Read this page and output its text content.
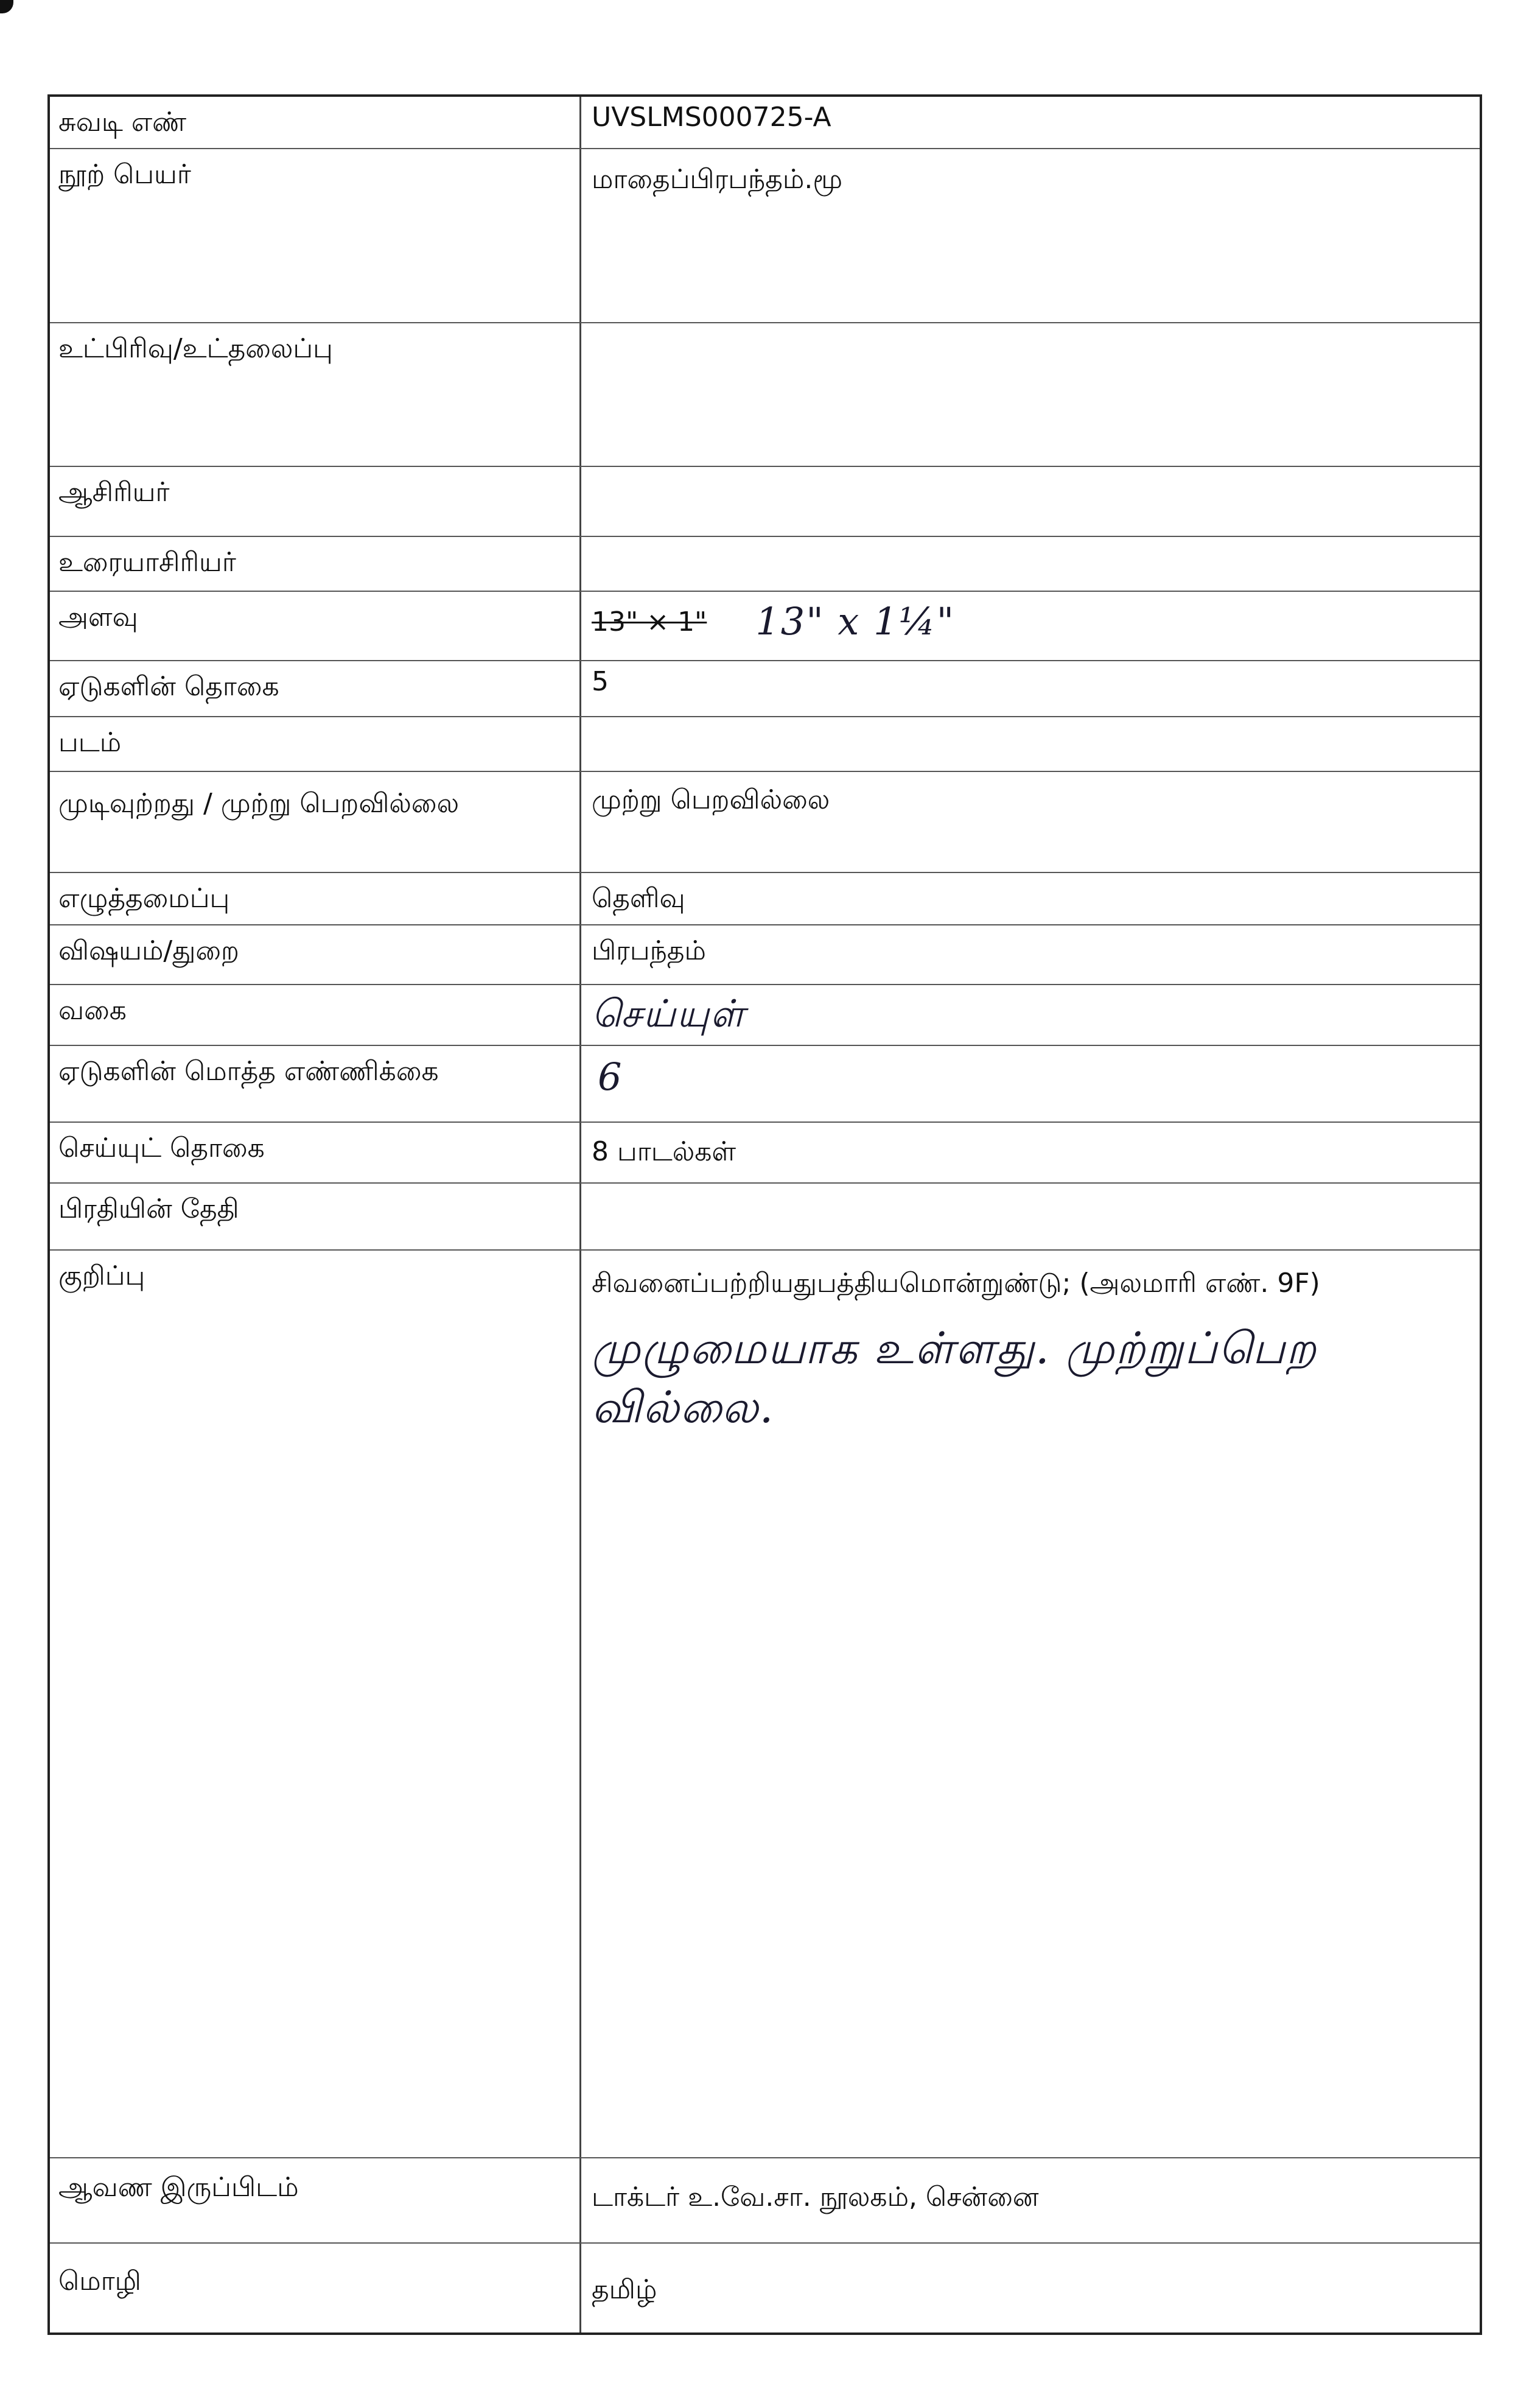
சுவடி எண்	UVSLMS000725-A
நூற் பெயர்	மாதைப்பிரபந்தம்.மூ
உட்பிரிவு/உட்தலைப்பு
ஆசிரியர்
உரையாசிரியர்
அளவு	13" × 1" 13" x 1¼"
ஏடுகளின் தொகை	5
படம்
முடிவுற்றது / முற்று பெறவில்லை	முற்று பெறவில்லை
எழுத்தமைப்பு	தெளிவு
விஷயம்/துறை	பிரபந்தம்
வகை	செய்யுள்
ஏடுகளின் மொத்த எண்ணிக்கை	6
செய்யுட் தொகை	8 பாடல்கள்
பிரதியின் தேதி
குறிப்பு	சிவனைப்பற்றியதுபத்தியமொன்றுண்டு; (அலமாரி எண். 9F)
முழுமையாக உள்ளது. முற்றுப்பெற வில்லை.
ஆவண இருப்பிடம்	டாக்டர் உ.வே.சா. நூலகம், சென்னை
மொழி	தமிழ்
